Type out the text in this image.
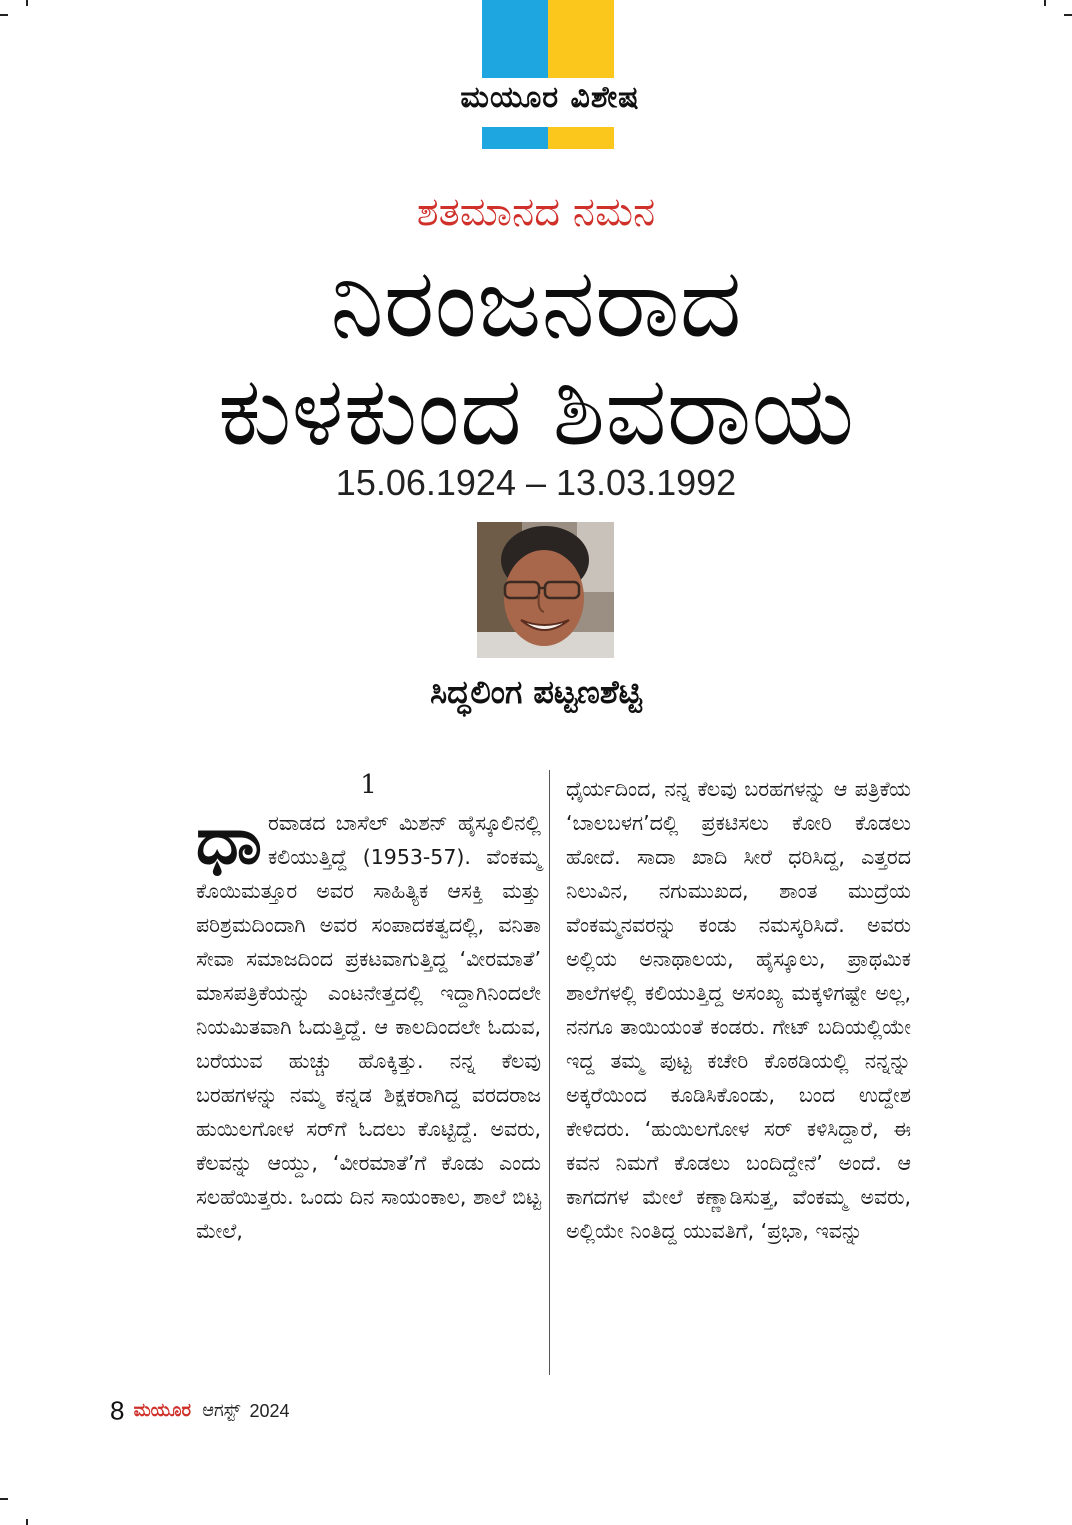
ಮಯೂರ ವಿಶೇಷ
ಶತಮಾನದ ನಮನ
ನಿರಂಜನರಾದ
ಕುಳಕುಂದ ಶಿವರಾಯ
15.06.1924 – 13.03.1992
ಸಿದ್ಧಲಿಂಗ ಪಟ್ಟಣಶೆಟ್ಟಿ
1

ಧಾರವಾಡದ ಬಾಸೆಲ್ ಮಿಶನ್ ಹೈಸ್ಕೂಲಿನಲ್ಲಿ ಕಲಿಯುತ್ತಿದ್ದೆ (1953-57). ವೆಂಕಮ್ಮ ಕೊಯಿಮತ್ತೂರ ಅವರ ಸಾಹಿತ್ಯಿಕ ಆಸಕ್ತಿ ಮತ್ತು ಪರಿಶ್ರಮದಿಂದಾಗಿ ಅವರ ಸಂಪಾದಕತ್ವದಲ್ಲಿ, ವನಿತಾ ಸೇವಾ ಸಮಾಜದಿಂದ ಪ್ರಕಟವಾಗುತ್ತಿದ್ದ ‘ವೀರಮಾತೆ’ ಮಾಸಪತ್ರಿಕೆಯನ್ನು ಎಂಟನೇತ್ತದಲ್ಲಿ ಇದ್ದಾಗಿನಿಂದಲೇ ನಿಯಮಿತವಾಗಿ ಓದುತ್ತಿದ್ದೆ. ಆ ಕಾಲದಿಂದಲೇ ಓದುವ, ಬರೆಯುವ ಹುಚ್ಚು ಹೊಕ್ಕಿತ್ತು. ನನ್ನ ಕೆಲವು ಬರಹಗಳನ್ನು ನಮ್ಮ ಕನ್ನಡ ಶಿಕ್ಷಕರಾಗಿದ್ದ ವರದರಾಜ ಹುಯಿಲಗೋಳ ಸರ್‌ಗೆ ಓದಲು ಕೊಟ್ಟಿದ್ದೆ. ಅವರು, ಕೆಲವನ್ನು ಆಯ್ದು, ‘ವೀರಮಾತೆ’ಗೆ ಕೊಡು ಎಂದು ಸಲಹೆಯಿತ್ತರು. ಒಂದು ದಿನ ಸಾಯಂಕಾಲ, ಶಾಲೆ ಬಿಟ್ಟ ಮೇಲೆ,

ಧೈರ್ಯದಿಂದ, ನನ್ನ ಕೆಲವು ಬರಹಗಳನ್ನು ಆ ಪತ್ರಿಕೆಯ ‘ಬಾಲಬಳಗ’ದಲ್ಲಿ ಪ್ರಕಟಿಸಲು ಕೋರಿ ಕೊಡಲು ಹೋದೆ. ಸಾದಾ ಖಾದಿ ಸೀರೆ ಧರಿಸಿದ್ದ, ಎತ್ತರದ ನಿಲುವಿನ, ನಗುಮುಖದ, ಶಾಂತ ಮುದ್ರೆಯ ವೆಂಕಮ್ಮನವರನ್ನು ಕಂಡು ನಮಸ್ಕರಿಸಿದೆ. ಅವರು ಅಲ್ಲಿಯ ಅನಾಥಾಲಯ, ಹೈಸ್ಕೂಲು, ಪ್ರಾಥಮಿಕ ಶಾಲೆಗಳಲ್ಲಿ ಕಲಿಯುತ್ತಿದ್ದ ಅಸಂಖ್ಯ ಮಕ್ಕಳಿಗಷ್ಟೇ ಅಲ್ಲ, ನನಗೂ ತಾಯಿಯಂತೆ ಕಂಡರು. ಗೇಟ್ ಬದಿಯಲ್ಲಿಯೇ ಇದ್ದ ತಮ್ಮ ಪುಟ್ಟ ಕಚೇರಿ ಕೊಠಡಿಯಲ್ಲಿ ನನ್ನನ್ನು ಅಕ್ಕರೆಯಿಂದ ಕೂಡಿಸಿಕೊಂಡು, ಬಂದ ಉದ್ದೇಶ ಕೇಳಿದರು. ‘ಹುಯಿಲಗೋಳ ಸರ್ ಕಳಿಸಿದ್ದಾರೆ, ಈ ಕವನ ನಿಮಗೆ ಕೊಡಲು ಬಂದಿದ್ದೇನೆ’ ಅಂದೆ. ಆ ಕಾಗದಗಳ ಮೇಲೆ ಕಣ್ಣಾಡಿಸುತ್ತ, ವೆಂಕಮ್ಮ ಅವರು, ಅಲ್ಲಿಯೇ ನಿಂತಿದ್ದ ಯುವತಿಗೆ, ‘ಪ್ರಭಾ, ಇವನ್ನು

8 ಮಯೂರ ಆಗಸ್ಟ್ 2024
